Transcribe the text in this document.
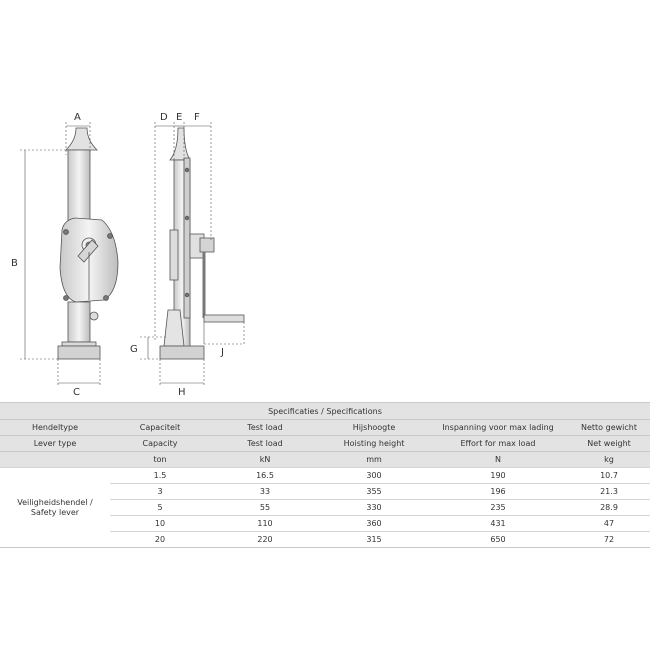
A
B
C
D E F
G
H
J
Specificaties / Specifications					
Hendeltype	Capaciteit	Test load	Hijshoogte	Inspanning voor max lading	Netto gewicht
Lever type	Capacity	Test load	Hoisting height	Effort for max load	Net weight
	ton	kN	mm	N	kg
Veiligheidshendel /
Safety lever	1.5	16.5	300	190	10.7
	3	33	355	196	21.3
	5	55	330	235	28.9
	10	110	360	431	47
	20	220	315	650	72
